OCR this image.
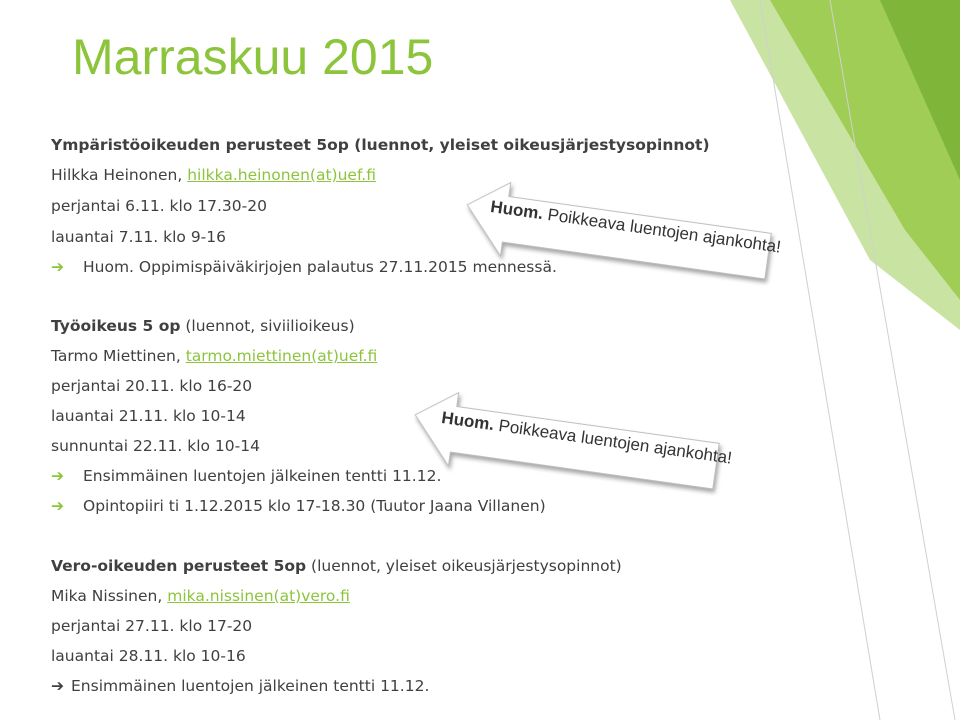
Marraskuu 2015
Ympäristöoikeuden perusteet 5op (luennot, yleiset oikeusjärjestysopinnot)
Hilkka Heinonen, hilkka.heinonen(at)uef.fi
perjantai 6.11. klo 17.30-20
lauantai 7.11. klo 9-16
➔ Huom. Oppimispäiväkirjojen palautus 27.11.2015 mennessä.
Työoikeus 5 op (luennot, siviilioikeus)
Tarmo Miettinen, tarmo.miettinen(at)uef.fi
perjantai 20.11. klo 16-20
lauantai 21.11. klo 10-14
sunnuntai 22.11. klo 10-14
➔ Ensimmäinen luentojen jälkeinen tentti 11.12.
➔ Opintopiiri ti 1.12.2015 klo 17-18.30 (Tuutor Jaana Villanen)
Vero-oikeuden perusteet 5op (luennot, yleiset oikeusjärjestysopinnot)
Mika Nissinen, mika.nissinen(at)vero.fi
perjantai 27.11. klo 17-20
lauantai 28.11. klo 10-16
➔ Ensimmäinen luentojen jälkeinen tentti 11.12.
Huom. Poikkeava luentojen ajankohta!
Huom. Poikkeava luentojen ajankohta!
